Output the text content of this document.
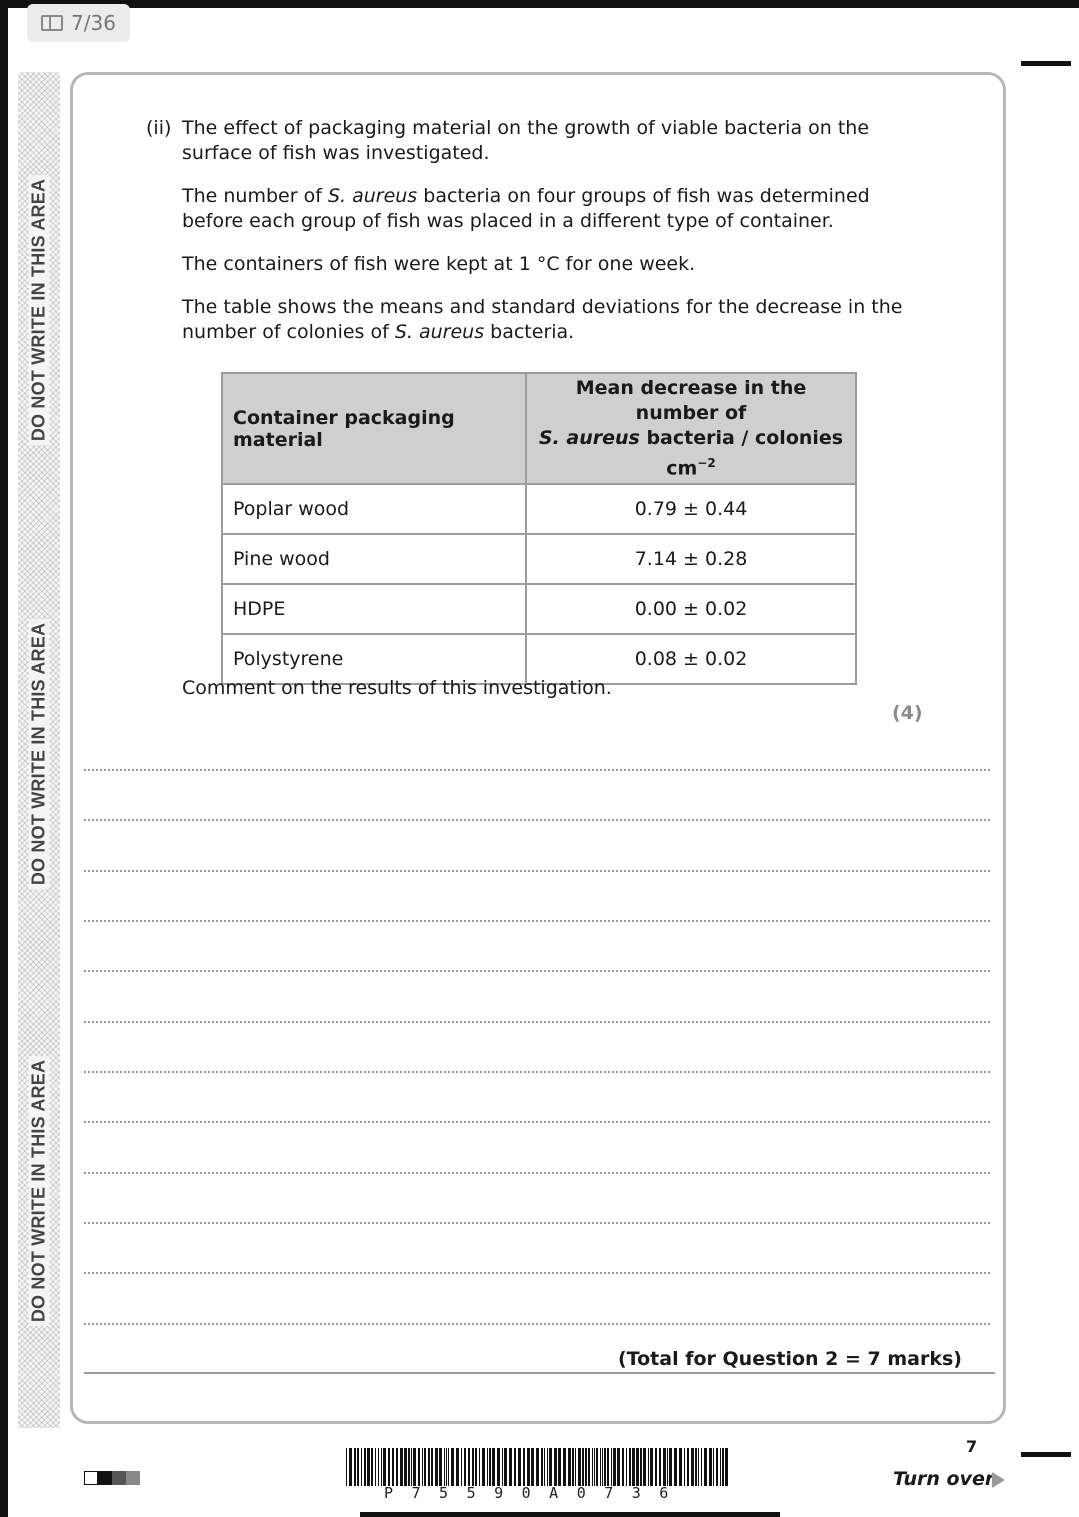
7/36
DO NOT WRITE IN THIS AREA
DO NOT WRITE IN THIS AREA
DO NOT WRITE IN THIS AREA
(ii) The effect of packaging material on the growth of viable bacteria on the
surface of fish was investigated.
The number of S. aureus bacteria on four groups of fish was determined
before each group of fish was placed in a different type of container.
The containers of fish were kept at 1 °C for one week.
The table shows the means and standard deviations for the decrease in the
number of colonies of S. aureus bacteria.
Container packaging material	Mean decrease in the number of
S. aureus bacteria / colonies $cm^{-2}$
Poplar wood	0.79 ± 0.44
Pine wood	7.14 ± 0.28
HDPE	0.00 ± 0.02
Polystyrene	0.08 ± 0.02
Comment on the results of this investigation.
(4)
(Total for Question 2 = 7 marks)
P75590A0736
7
Turn over
